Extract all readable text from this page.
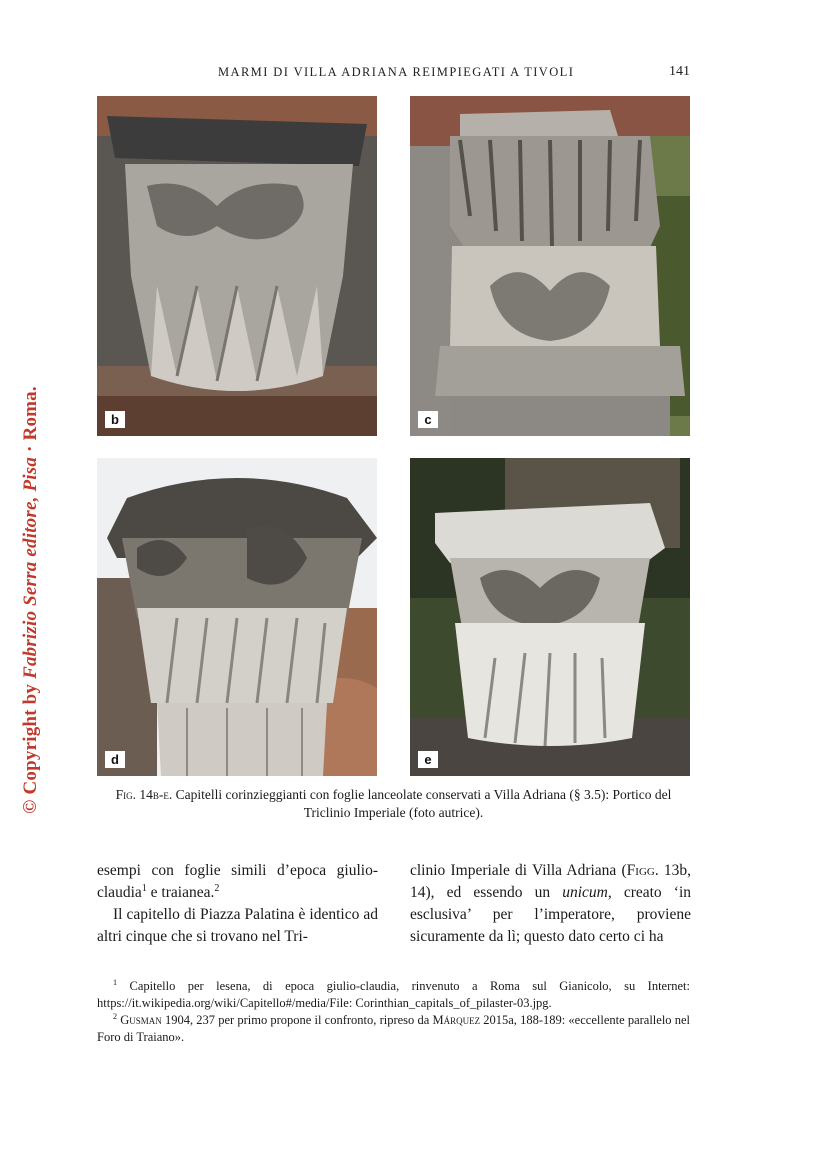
© Copyright by Fabrizio Serra editore, Pisa · Roma.
MARMI DI VILLA ADRIANA REIMPIEGATI A TIVOLI	141
b	c
d	e
Fig. 14b-e. Capitelli corinzieggianti con foglie lanceolate conservati a Villa Adriana (§ 3.5): Portico del Triclinio Imperiale (foto autrice).

esempi con foglie simili d’epoca giulio-claudia$^1$ e traianea.$^2$

Il capitello di Piazza Palatina è identico ad altri cinque che si trovano nel Tri-

clinio Imperiale di Villa Adriana (Figg. 13b, 14), ed essendo un unicum, creato ‘in esclusiva’ per l’imperatore, proviene sicuramente da lì; questo dato certo ci ha

$^1$ Capitello per lesena, di epoca giulio-claudia, rinvenuto a Roma sul Gianicolo, su Internet: https://it.wikipedia.org/wiki/Capitello#/media/File: Corinthian_capitals_of_pilaster-03.jpg.

$^2$ Gusman 1904, 237 per primo propone il confronto, ripreso da Márquez 2015a, 188-189: «eccellente parallelo nel Foro di Traiano».
